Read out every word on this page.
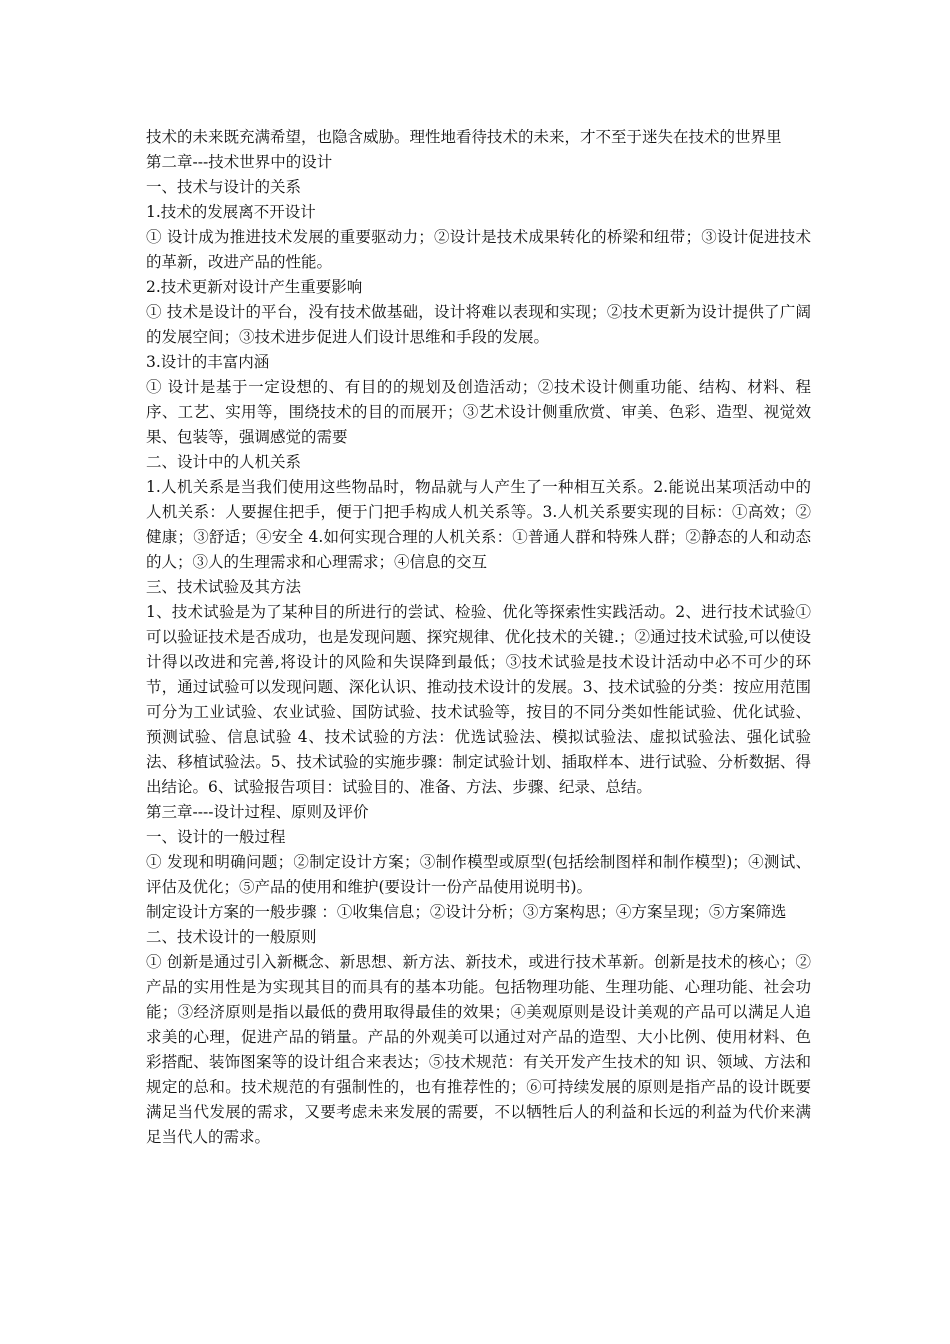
技术的未来既充满希望，也隐含威胁。理性地看待技术的未来，才不至于迷失在技术的世界里

第二章---技术世界中的设计

一、技术与设计的关系

1.技术的发展离不开设计

① 设计成为推进技术发展的重要驱动力；②设计是技术成果转化的桥梁和纽带；③设计促进技术的革新，改进产品的性能。

2.技术更新对设计产生重要影响

① 技术是设计的平台，没有技术做基础，设计将难以表现和实现；②技术更新为设计提供了广阔的发展空间；③技术进步促进人们设计思维和手段的发展。

3.设计的丰富内涵

① 设计是基于一定设想的、有目的的规划及创造活动；②技术设计侧重功能、结构、材料、程序、工艺、实用等，围绕技术的目的而展开；③艺术设计侧重欣赏、审美、色彩、造型、视觉效果、包装等，强调感觉的需要

二、设计中的人机关系

1.人机关系是当我们使用这些物品时，物品就与人产生了一种相互关系。2.能说出某项活动中的人机关系：人要握住把手，便于门把手构成人机关系等。3.人机关系要实现的目标：①高效；②健康；③舒适；④安全 4.如何实现合理的人机关系：①普通人群和特殊人群；②静态的人和动态的人；③人的生理需求和心理需求；④信息的交互

三、技术试验及其方法

1、技术试验是为了某种目的所进行的尝试、检验、优化等探索性实践活动。2、进行技术试验①可以验证技术是否成功，也是发现问题、探究规律、优化技术的关键.；②通过技术试验,可以使设计得以改进和完善,将设计的风险和失误降到最低；③技术试验是技术设计活动中必不可少的环节，通过试验可以发现问题、深化认识、推动技术设计的发展。3、技术试验的分类：按应用范围可分为工业试验、农业试验、国防试验、技术试验等，按目的不同分类如性能试验、优化试验、预测试验、信息试验 4、技术试验的方法：优选试验法、模拟试验法、虚拟试验法、强化试验法、移植试验法。5、技术试验的实施步骤：制定试验计划、插取样本、进行试验、分析数据、得出结论。6、试验报告项目：试验目的、准备、方法、步骤、纪录、总结。

第三章----设计过程、原则及评价

一、设计的一般过程

① 发现和明确问题；②制定设计方案；③制作模型或原型(包括绘制图样和制作模型)；④测试、评估及优化；⑤产品的使用和维护(要设计一份产品使用说明书)。

制定设计方案的一般步骤 ：①收集信息；②设计分析；③方案构思；④方案呈现；⑤方案筛选

二、技术设计的一般原则

① 创新是通过引入新概念、新思想、新方法、新技术，或进行技术革新。创新是技术的核心；②产品的实用性是为实现其目的而具有的基本功能。包括物理功能、生理功能、心理功能、社会功能；③经济原则是指以最低的费用取得最佳的效果；④美观原则是设计美观的产品可以满足人追求美的心理，促进产品的销量。产品的外观美可以通过对产品的造型、大小比例、使用材料、色彩搭配、装饰图案等的设计组合来表达；⑤技术规范：有关开发产生技术的知 识、领域、方法和规定的总和。技术规范的有强制性的，也有推荐性的；⑥可持续发展的原则是指产品的设计既要满足当代发展的需求，又要考虑未来发展的需要，不以牺牲后人的利益和长远的利益为代价来满足当代人的需求。
